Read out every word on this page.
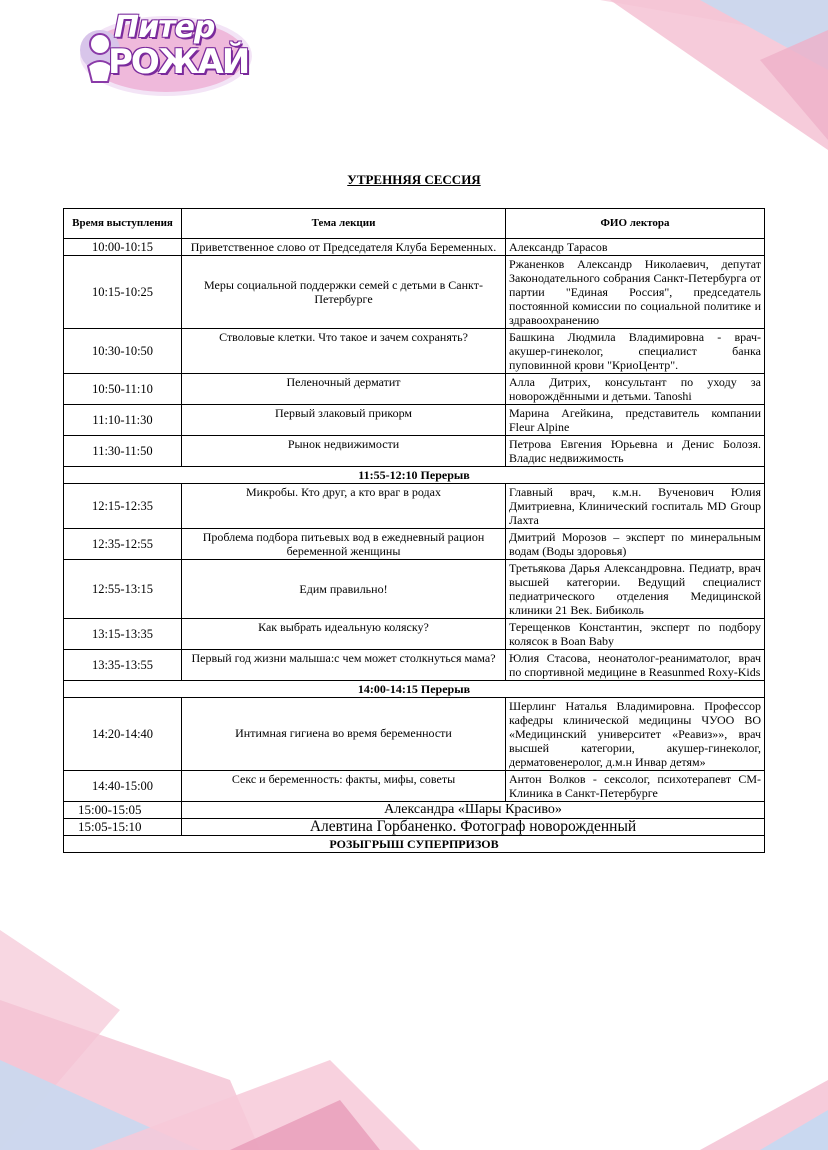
Питер
РОЖАЙ
УТРЕННЯЯ СЕССИЯ
Время выступления	Тема лекции	ФИО лектора
10:00-10:15	Приветственное слово от Председателя Клуба Беременных.	Александр Тарасов
10:15-10:25	Меры социальной поддержки семей с детьми в Санкт-Петербурге	Ржаненков Александр Николаевич, депутат Законодательного собрания Санкт-Петербурга от партии "Единая Россия", председатель постоянной комиссии по социальной политике и здравоохранению
10:30-10:50	Стволовые клетки. Что такое и зачем сохранять?	Башкина Людмила Владимировна - врач-акушер-гинеколог, специалист банка пуповинной крови "КриоЦентр".
10:50-11:10	Пеленочный дерматит	Алла Дитрих, консультант по уходу за новорождёнными и детьми. Tanoshi
11:10-11:30	Первый злаковый прикорм	Марина Агейкина, представитель компании Fleur Alpine
11:30-11:50	Рынок недвижимости	Петрова Евгения Юрьевна и Денис Болозя. Владис недвижимость
11:55-12:10 Перерыв		
12:15-12:35	Микробы. Кто друг, а кто враг в родах	Главный врач, к.м.н. Вученович Юлия Дмитриевна, Клинический госпиталь MD Group Лахта
12:35-12:55	Проблема подбора питьевых вод в ежедневный рацион беременной женщины	Дмитрий Морозов – эксперт по минеральным водам (Воды здоровья)
12:55-13:15	Едим правильно!	Третьякова Дарья Александровна. Педиатр, врач высшей категории. Ведущий специалист педиатрического отделения Медицинской клиники 21 Век. Бибиколь
13:15-13:35	Как выбрать идеальную коляску?	Терещенков Константин, эксперт по подбору колясок в Boan Baby
13:35-13:55	Первый год жизни малыша:с чем может столкнуться мама?	Юлия Стасова, неонатолог-реаниматолог, врач по спортивной медицине в Reasunmed Roxy-Kids
14:00-14:15 Перерыв		
14:20-14:40	Интимная гигиена во время беременности	Шерлинг Наталья Владимировна. Профессор кафедры клинической медицины ЧУОО ВО «Медицинский университет «Реавиз»», врач высшей категории, акушер-гинеколог, дерматовенеролог, д.м.н Инвар детям»
14:40-15:00	Секс и беременность: факты, мифы, советы	Антон Волков - сексолог, психотерапевт СМ-Клиника в Санкт-Петербурге
15:00-15:05	Александра «Шары Красиво»	
15:05-15:10	Алевтина Горбаненко. Фотограф новорожденный	
РОЗЫГРЫШ СУПЕРПРИЗОВ		
